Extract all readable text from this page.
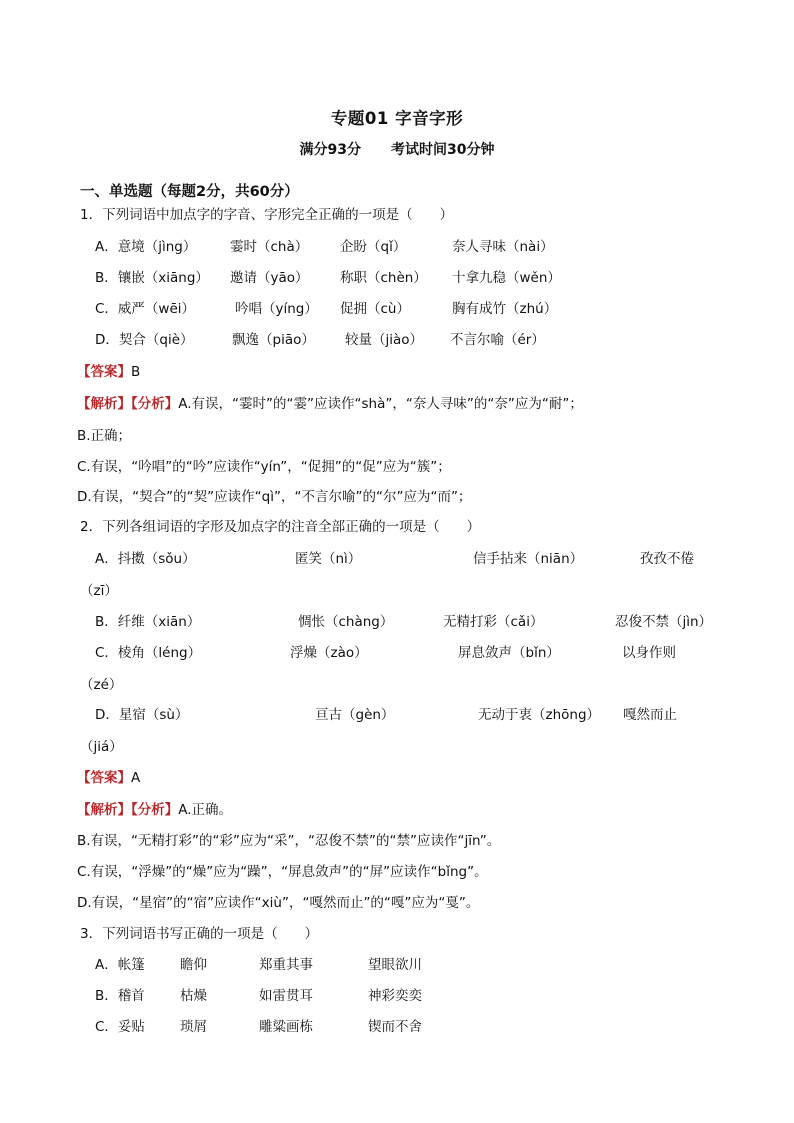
专题01 字音字形
满分93分 考试时间30分钟
一、单选题（每题2分，共60分）
1．下列词语中加点字的字音、字形完全正确的一项是（　　）
A．意境（jìng） 霎时（chà） 企盼（qǐ）	奈人寻味（nài）
B．镶嵌（xiāng） 邀请（yāo） 称职（chèn） 十拿九稳（wěn）
C．威严（wēi）	吟唱（yíng） 促拥（cù）	胸有成竹（zhú）
D．契合（qiè）	飘逸（piāo） 较量（jiào） 不言尔喻（ér）
【答案】B
【解析】【分析】A.有误，“霎时”的“霎”应读作“shà”，“奈人寻味”的“奈”应为“耐”；
B.正确；
C.有误，“吟唱”的“吟”应读作“yín”，“促拥”的“促”应为“簇”；
D.有误，“契合”的“契”应读作“qì”，“不言尔喻”的“尔”应为“而”；
2．下列各组词语的字形及加点字的注音全部正确的一项是（　　）
A．抖擞（sǒu）	匿笑（nì）	信手拈来（niān）	孜孜不倦
（zī）
B．纤维（xiān）	惆怅（chàng）	无精打彩（cǎi）	忍俊不禁（jìn）
C．棱角（léng）	浮燥（zào）	屏息敛声（bǐn）	以身作则
（zé）
D．星宿（sù）	亘古（gèn）	无动于衷（zhōng） 嘎然而止
（jiá）
【答案】A
【解析】【分析】A.正确。
B.有误，“无精打彩”的“彩”应为“采”，“忍俊不禁”的“禁”应读作“jīn”。
C.有误，“浮燥”的“燥”应为“躁”，“屏息敛声”的“屏”应读作“bǐng”。
D.有误，“星宿”的“宿”应读作“xiù”，“嘎然而止”的“嘎”应为“戛”。
3．下列词语书写正确的一项是（　　）
A．帐篷	瞻仰	郑重其事	望眼欲川
B．稽首	枯燥	如雷贯耳	神彩奕奕
C．妥贴	琐屑	雕粱画栋	锲而不舍
